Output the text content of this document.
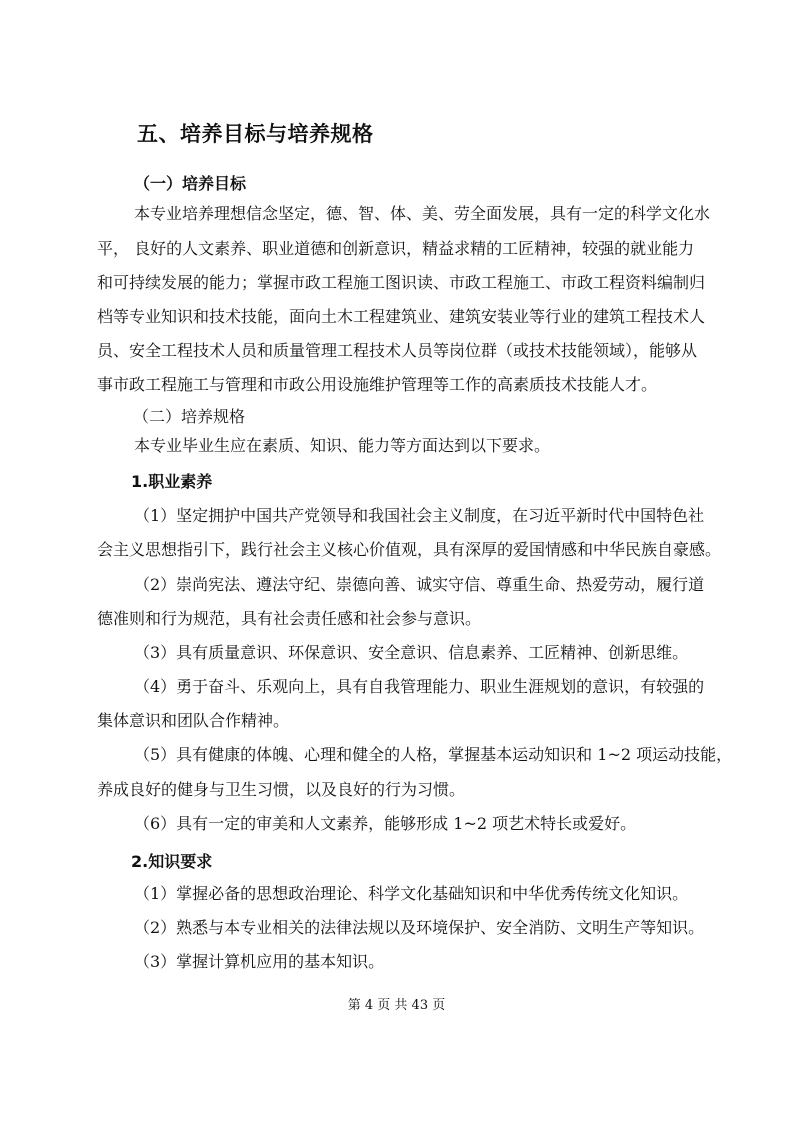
五、培养目标与培养规格
（一）培养目标
本专业培养理想信念坚定，德、智、体、美、劳全面发展，具有一定的科学文化水
平， 良好的人文素养、职业道德和创新意识，精益求精的工匠精神，较强的就业能力
和可持续发展的能力；掌握市政工程施工图识读、市政工程施工、市政工程资料编制归
档等专业知识和技术技能，面向土木工程建筑业、建筑安装业等行业的建筑工程技术人
员、安全工程技术人员和质量管理工程技术人员等岗位群（或技术技能领域），能够从
事市政工程施工与管理和市政公用设施维护管理等工作的高素质技术技能人才。
（二）培养规格
本专业毕业生应在素质、知识、能力等方面达到以下要求。
1.职业素养
（1）坚定拥护中国共产党领导和我国社会主义制度，在习近平新时代中国特色社
会主义思想指引下，践行社会主义核心价值观，具有深厚的爱国情感和中华民族自豪感。
（2）崇尚宪法、遵法守纪、崇德向善、诚实守信、尊重生命、热爱劳动，履行道
德准则和行为规范，具有社会责任感和社会参与意识。
（3）具有质量意识、环保意识、安全意识、信息素养、工匠精神、创新思维。
（4）勇于奋斗、乐观向上，具有自我管理能力、职业生涯规划的意识，有较强的
集体意识和团队合作精神。
（5）具有健康的体魄、心理和健全的人格，掌握基本运动知识和 1~2 项运动技能，
养成良好的健身与卫生习惯，以及良好的行为习惯。
（6）具有一定的审美和人文素养，能够形成 1~2 项艺术特长或爱好。
2.知识要求
（1）掌握必备的思想政治理论、科学文化基础知识和中华优秀传统文化知识。
（2）熟悉与本专业相关的法律法规以及环境保护、安全消防、文明生产等知识。
（3）掌握计算机应用的基本知识。
第 4 页 共 43 页
